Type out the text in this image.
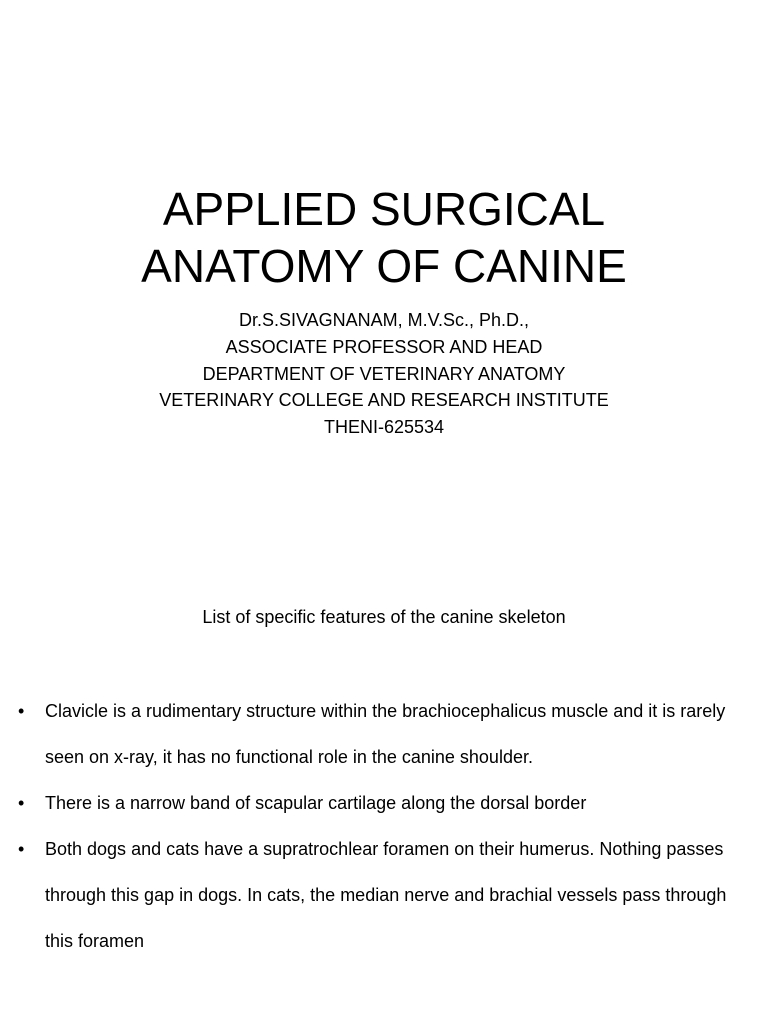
APPLIED SURGICAL
ANATOMY OF CANINE
Dr.S.SIVAGNANAM, M.V.Sc., Ph.D.,
ASSOCIATE PROFESSOR AND HEAD
DEPARTMENT OF VETERINARY ANATOMY
VETERINARY COLLEGE AND RESEARCH INSTITUTE
THENI-625534
List of specific features of the canine skeleton
• Clavicle is a rudimentary structure within the brachiocephalicus muscle and it is rarely seen on x-ray, it has no functional role in the canine shoulder.
• There is a narrow band of scapular cartilage along the dorsal border
• Both dogs and cats have a supratrochlear foramen on their humerus. Nothing passes through this gap in dogs. In cats, the median nerve and brachial vessels pass through this foramen
